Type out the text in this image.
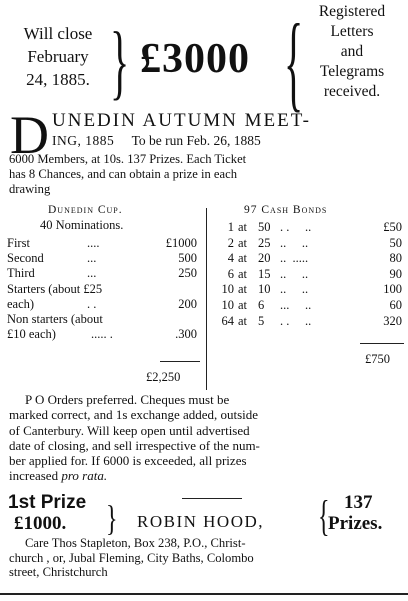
Will close
February
24, 1885. } £3000 {	Registered
Letters
and
Telegrams
received.
D UNEDIN AUTUMN MEET-
ING, 1885 To be run Feb. 26, 1885
6000 Members, at 10s. 137 Prizes. Each Ticket
has 8 Chances, and can obtain a prize in each
drawing
Dunedin Cup.
40 Nominations.
First	....	£1000
Second	...	500
Third	...	250
Starters (about £25
each)	. .	200
Non starters (about
£10 each)	..... .	.300
£2,250
97 Cash Bonds
1 at 50 . .     ..	£50
2 at 25 ..     ..	50
4 at 20 ..  .....	80
6 at 15 ..     ..	90
10 at 10 ..     ..	100
10 at 6 ...     ..	60
64 at 5 . .     ..	320
£750
P O Orders preferred. Cheques must be
marked correct, and 1s exchange added, outside
of Canterbury. Will keep open until advertised
date of closing, and sell irrespective of the num-
ber applied for. If 6000 is exceeded, all prizes
increased pro rata.
1st Prize
£1000. } ROBIN HOOD, { 137
Prizes.
Care Thos Stapleton, Box 238, P.O., Christ-
church , or, Jubal Fleming, City Baths, Colombo
street, Christchurch
